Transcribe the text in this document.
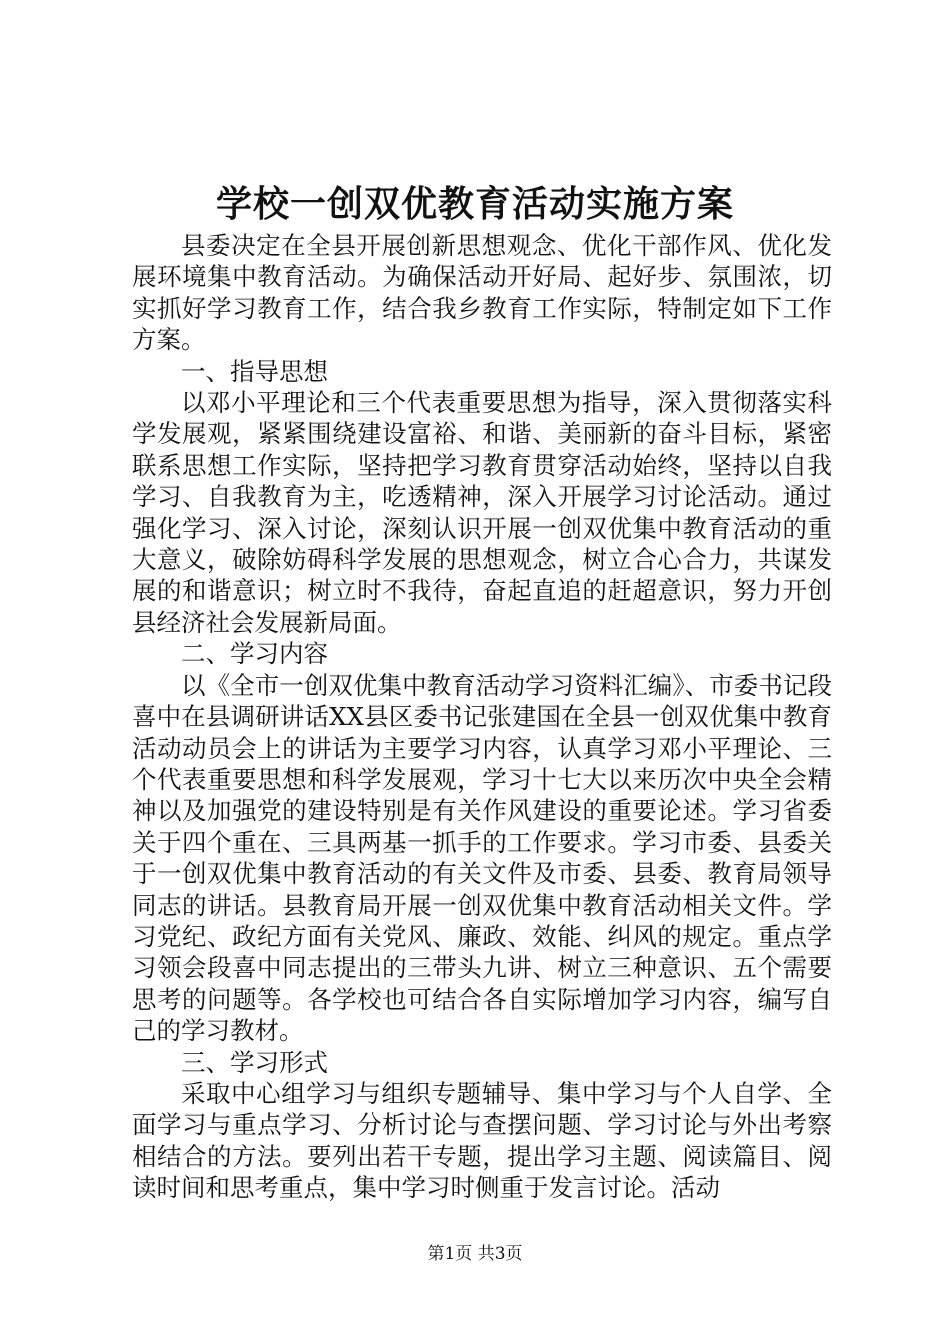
学校一创双优教育活动实施方案

县委决定在全县开展创新思想观念、优化干部作风、优化发展环境集中教育活动。为确保活动开好局、起好步、氛围浓，切实抓好学习教育工作，结合我乡教育工作实际，特制定如下工作方案。

一、指导思想

以邓小平理论和三个代表重要思想为指导，深入贯彻落实科学发展观，紧紧围绕建设富裕、和谐、美丽新的奋斗目标，紧密联系思想工作实际，坚持把学习教育贯穿活动始终，坚持以自我学习、自我教育为主，吃透精神，深入开展学习讨论活动。通过强化学习、深入讨论，深刻认识开展一创双优集中教育活动的重大意义，破除妨碍科学发展的思想观念，树立合心合力，共谋发展的和谐意识；树立时不我待，奋起直追的赶超意识，努力开创县经济社会发展新局面。

二、学习内容

以《全市一创双优集中教育活动学习资料汇编》、市委书记段喜中在县调研讲话XX县区委书记张建国在全县一创双优集中教育活动动员会上的讲话为主要学习内容，认真学习邓小平理论、三个代表重要思想和科学发展观，学习十七大以来历次中央全会精神以及加强党的建设特别是有关作风建设的重要论述。学习省委关于四个重在、三具两基一抓手的工作要求。学习市委、县委关于一创双优集中教育活动的有关文件及市委、县委、教育局领导同志的讲话。县教育局开展一创双优集中教育活动相关文件。学习党纪、政纪方面有关党风、廉政、效能、纠风的规定。重点学习领会段喜中同志提出的三带头九讲、树立三种意识、五个需要思考的问题等。各学校也可结合各自实际增加学习内容，编写自己的学习教材。

三、学习形式

采取中心组学习与组织专题辅导、集中学习与个人自学、全面学习与重点学习、分析讨论与查摆问题、学习讨论与外出考察相结合的方法。要列出若干专题，提出学习主题、阅读篇目、阅读时间和思考重点，集中学习时侧重于发言讨论。活动

第1页 共3页
